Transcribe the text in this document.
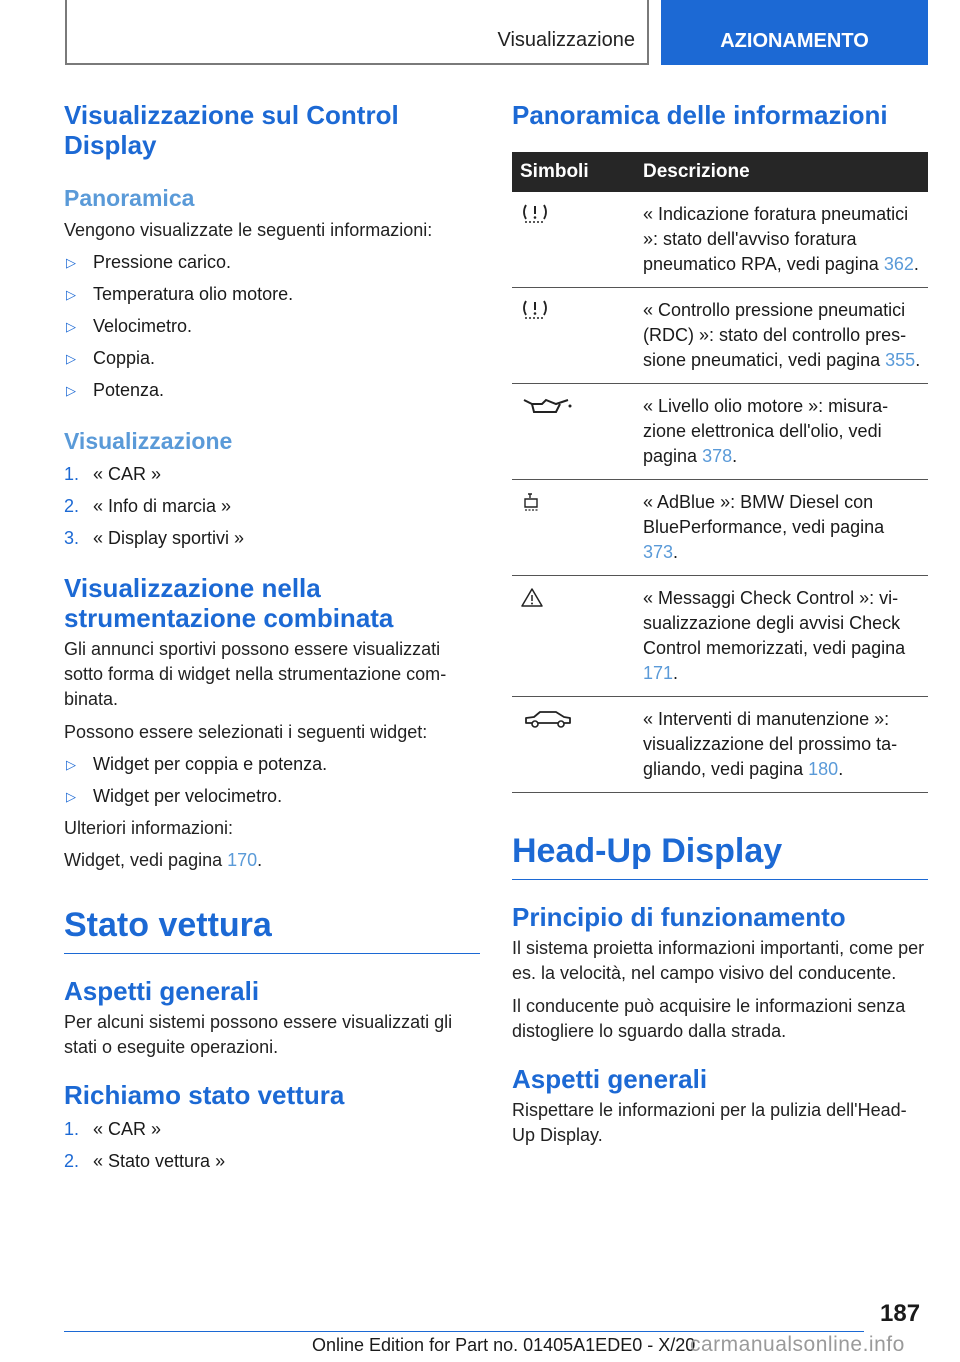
Visualizzazione	AZIONAMENTO
Visualizzazione sul Control Display
Panoramica

Vengono visualizzate le seguenti informazioni:

▷ Pressione carico.
▷ Temperatura olio motore.
▷ Velocimetro.
▷ Coppia.
▷ Potenza.
Visualizzazione
1. « CAR »
2. « Info di marcia »
3. « Display sportivi »
Visualizzazione nella strumentazione combinata

Gli annunci sportivi possono essere visualizzati sotto forma di widget nella strumentazione combinata.

Possono essere selezionati i seguenti widget:

▷ Widget per coppia e potenza.
▷ Widget per velocimetro.

Ulteriori informazioni:

Widget, vedi pagina 170.

Stato vettura
Aspetti generali

Per alcuni sistemi possono essere visualizzati gli stati o eseguite operazioni.

Richiamo stato vettura
1. « CAR »
2. « Stato vettura »
Panoramica delle informazioni
Simboli	Descrizione
	« Indicazione foratura pneumatici »: stato dell'avviso foratura pneumatico RPA, vedi pagina 362.
	« Controllo pressione pneumatici (RDC) »: stato del controllo pressione pneumatici, vedi pagina 355.
	« Livello olio motore »: misurazione elettronica dell'olio, vedi pagina 378.
	« AdBlue »: BMW Diesel con BluePerformance, vedi pagina 373.
	« Messaggi Check Control »: visualizzazione degli avvisi Check Control memorizzati, vedi pagina 171.
	« Interventi di manutenzione »: visualizzazione del prossimo tagliando, vedi pagina 180.
Head-Up Display
Principio di funzionamento

Il sistema proietta informazioni importanti, come per es. la velocità, nel campo visivo del conducente.

Il conducente può acquisire le informazioni senza distogliere lo sguardo dalla strada.

Aspetti generali

Rispettare le informazioni per la pulizia dell'Head-Up Display.

187
Online Edition for Part no. 01405A1EDE0 - X/20
carmanualsonline.info
